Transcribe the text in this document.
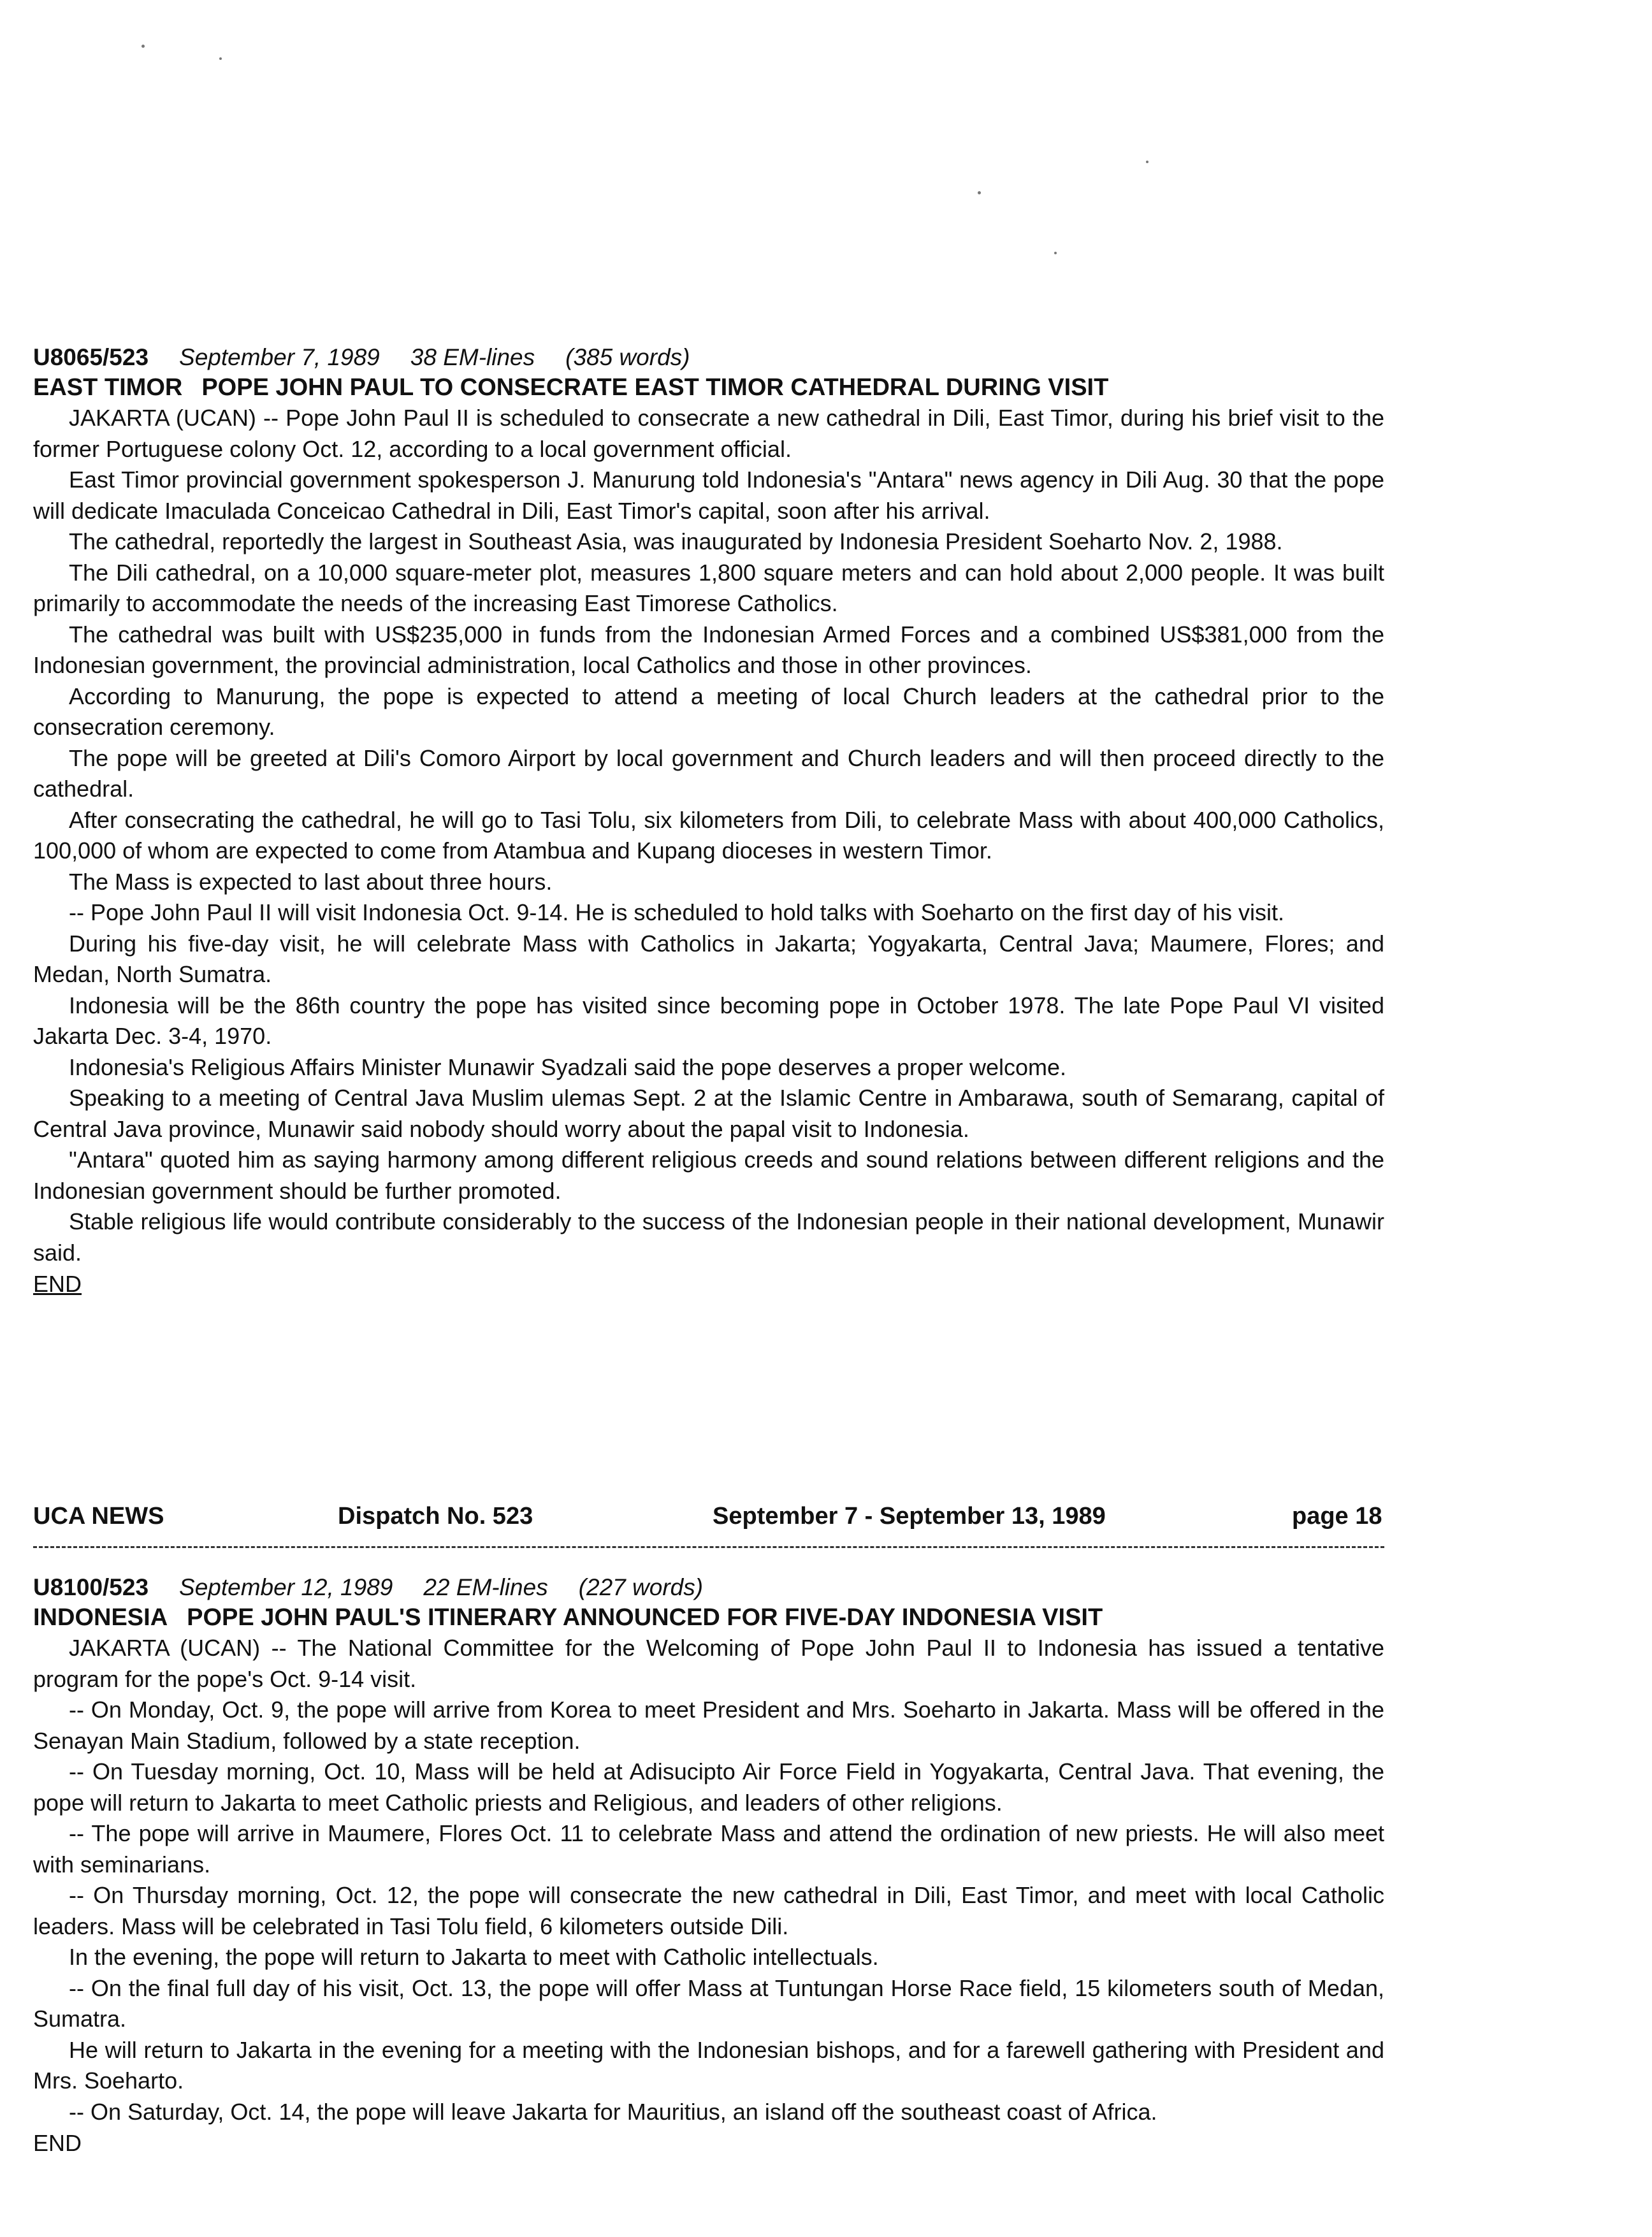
U8065/523 September 7, 1989 38 EM-lines (385 words)
EAST TIMOR POPE JOHN PAUL TO CONSECRATE EAST TIMOR CATHEDRAL DURING VISIT

JAKARTA (UCAN) -- Pope John Paul II is scheduled to consecrate a new cathedral in Dili, East Timor, during his brief visit to the former Portuguese colony Oct. 12, according to a local government official.

East Timor provincial government spokesperson J. Manurung told Indonesia's "Antara" news agency in Dili Aug. 30 that the pope will dedicate Imaculada Conceicao Cathedral in Dili, East Timor's capital, soon after his arrival.

The cathedral, reportedly the largest in Southeast Asia, was inaugurated by Indonesia President Soeharto Nov. 2, 1988.

The Dili cathedral, on a 10,000 square-meter plot, measures 1,800 square meters and can hold about 2,000 people. It was built primarily to accommodate the needs of the increasing East Timorese Catholics.

The cathedral was built with US$235,000 in funds from the Indonesian Armed Forces and a combined US$381,000 from the Indonesian government, the provincial administration, local Catholics and those in other provinces.

According to Manurung, the pope is expected to attend a meeting of local Church leaders at the cathedral prior to the consecration ceremony.

The pope will be greeted at Dili's Comoro Airport by local government and Church leaders and will then proceed directly to the cathedral.

After consecrating the cathedral, he will go to Tasi Tolu, six kilometers from Dili, to celebrate Mass with about 400,000 Catholics, 100,000 of whom are expected to come from Atambua and Kupang dioceses in western Timor.

The Mass is expected to last about three hours.

-- Pope John Paul II will visit Indonesia Oct. 9-14. He is scheduled to hold talks with Soeharto on the first day of his visit.

During his five-day visit, he will celebrate Mass with Catholics in Jakarta; Yogyakarta, Central Java; Maumere, Flores; and Medan, North Sumatra.

Indonesia will be the 86th country the pope has visited since becoming pope in October 1978. The late Pope Paul VI visited Jakarta Dec. 3-4, 1970.

Indonesia's Religious Affairs Minister Munawir Syadzali said the pope deserves a proper welcome.

Speaking to a meeting of Central Java Muslim ulemas Sept. 2 at the Islamic Centre in Ambarawa, south of Semarang, capital of Central Java province, Munawir said nobody should worry about the papal visit to Indonesia.

"Antara" quoted him as saying harmony among different religious creeds and sound relations between different religions and the Indonesian government should be further promoted.

Stable religious life would contribute considerably to the success of the Indonesian people in their national development, Munawir said.

END
UCA NEWS	Dispatch No. 523	September 7 - September 13, 1989	page 18
U8100/523 September 12, 1989 22 EM-lines (227 words)
INDONESIA POPE JOHN PAUL'S ITINERARY ANNOUNCED FOR FIVE-DAY INDONESIA VISIT

JAKARTA (UCAN) -- The National Committee for the Welcoming of Pope John Paul II to Indonesia has issued a tentative program for the pope's Oct. 9-14 visit.

-- On Monday, Oct. 9, the pope will arrive from Korea to meet President and Mrs. Soeharto in Jakarta. Mass will be offered in the Senayan Main Stadium, followed by a state reception.

-- On Tuesday morning, Oct. 10, Mass will be held at Adisucipto Air Force Field in Yogyakarta, Central Java. That evening, the pope will return to Jakarta to meet Catholic priests and Religious, and leaders of other religions.

-- The pope will arrive in Maumere, Flores Oct. 11 to celebrate Mass and attend the ordination of new priests. He will also meet with seminarians.

-- On Thursday morning, Oct. 12, the pope will consecrate the new cathedral in Dili, East Timor, and meet with local Catholic leaders. Mass will be celebrated in Tasi Tolu field, 6 kilometers outside Dili.

In the evening, the pope will return to Jakarta to meet with Catholic intellectuals.

-- On the final full day of his visit, Oct. 13, the pope will offer Mass at Tuntungan Horse Race field, 15 kilometers south of Medan, Sumatra.

He will return to Jakarta in the evening for a meeting with the Indonesian bishops, and for a farewell gathering with President and Mrs. Soeharto.

-- On Saturday, Oct. 14, the pope will leave Jakarta for Mauritius, an island off the southeast coast of Africa.

END
